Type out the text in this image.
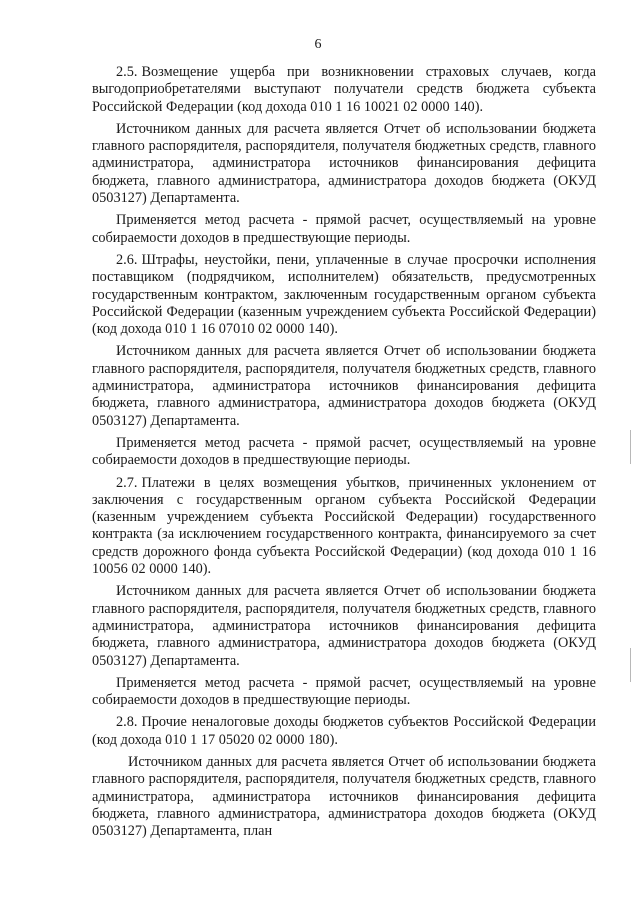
6

2.5. Возмещение ущерба при возникновении страховых случаев, когда выгодоприобретателями выступают получатели средств бюджета субъекта Российской Федерации (код дохода 010 1 16 10021 02 0000 140).

Источником данных для расчета является Отчет об использовании бюджета главного распорядителя, распорядителя, получателя бюджетных средств, главного администратора, администратора источников финансирования дефицита бюджета, главного администратора, администратора доходов бюджета (ОКУД 0503127) Департамента.

Применяется метод расчета - прямой расчет, осуществляемый на уровне собираемости доходов в предшествующие периоды.

2.6. Штрафы, неустойки, пени, уплаченные в случае просрочки исполнения поставщиком (подрядчиком, исполнителем) обязательств, предусмотренных государственным контрактом, заключенным государственным органом субъекта Российской Федерации (казенным учреждением субъекта Российской Федерации) (код дохода 010 1 16 07010 02 0000 140).

Источником данных для расчета является Отчет об использовании бюджета главного распорядителя, распорядителя, получателя бюджетных средств, главного администратора, администратора источников финансирования дефицита бюджета, главного администратора, администратора доходов бюджета (ОКУД 0503127) Департамента.

Применяется метод расчета - прямой расчет, осуществляемый на уровне собираемости доходов в предшествующие периоды.

2.7. Платежи в целях возмещения убытков, причиненных уклонением от заключения с государственным органом субъекта Российской Федерации (казенным учреждением субъекта Российской Федерации) государственного контракта (за исключением государственного контракта, финансируемого за счет средств дорожного фонда субъекта Российской Федерации) (код дохода 010 1 16 10056 02 0000 140).

Источником данных для расчета является Отчет об использовании бюджета главного распорядителя, распорядителя, получателя бюджетных средств, главного администратора, администратора источников финансирования дефицита бюджета, главного администратора, администратора доходов бюджета (ОКУД 0503127) Департамента.

Применяется метод расчета - прямой расчет, осуществляемый на уровне собираемости доходов в предшествующие периоды.

2.8. Прочие неналоговые доходы бюджетов субъектов Российской Федерации (код дохода 010 1 17 05020 02 0000 180).

Источником данных для расчета является Отчет об использовании бюджета главного распорядителя, распорядителя, получателя бюджетных средств, главного администратора, администратора источников финансирования дефицита бюджета, главного администратора, администратора доходов бюджета (ОКУД 0503127) Департамента, план
